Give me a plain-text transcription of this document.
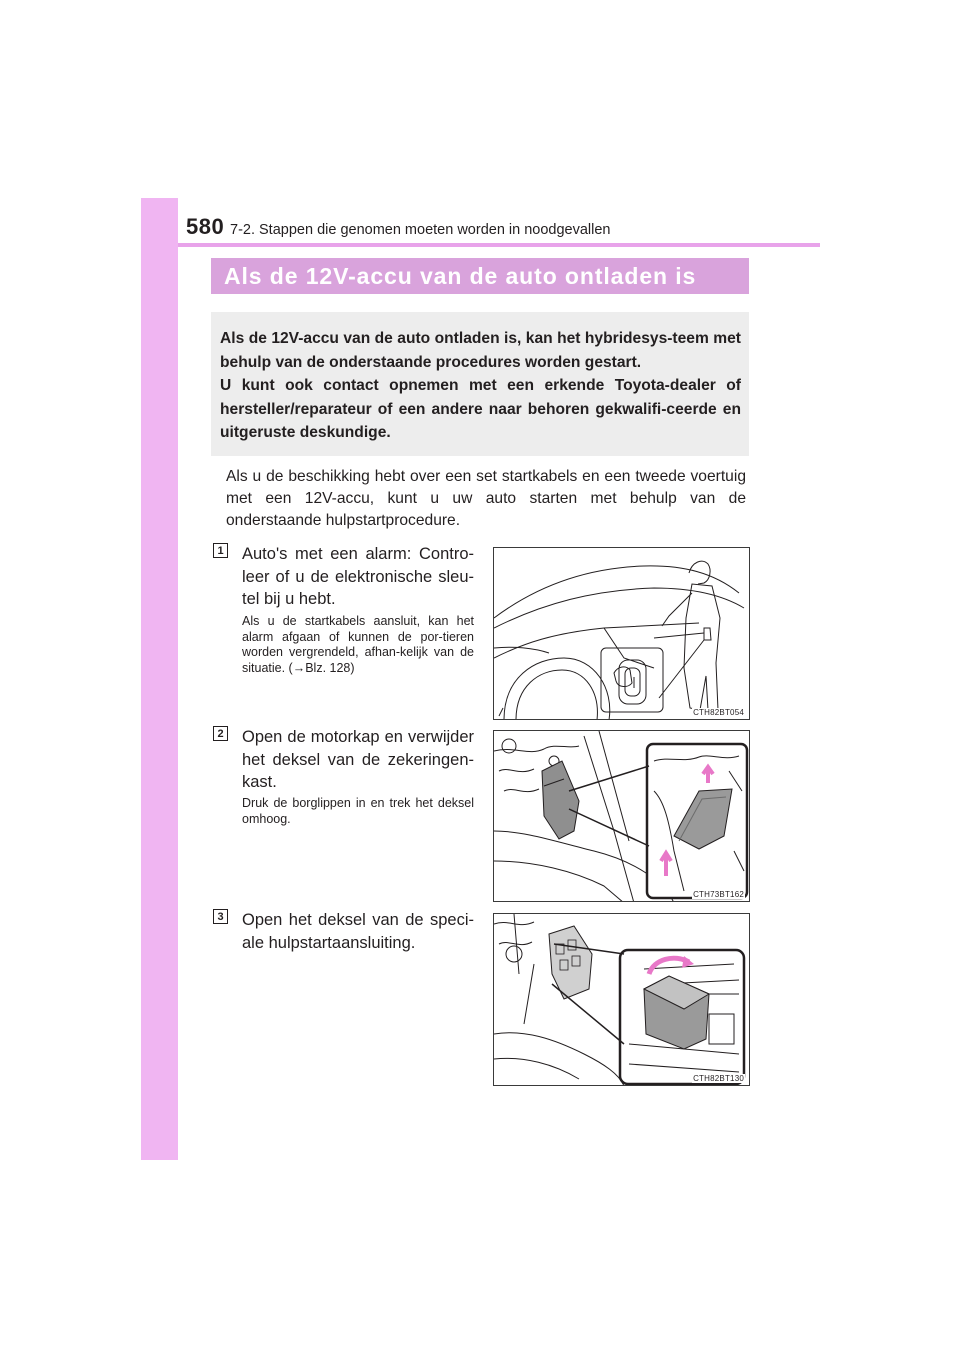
580 7-2. Stappen die genomen moeten worden in noodgevallen
Als de 12V-accu van de auto ontladen is

Als de 12V-accu van de auto ontladen is, kan het hybridesys-teem met behulp van de onderstaande procedures worden gestart.

U kunt ook contact opnemen met een erkende Toyota-dealer of hersteller/reparateur of een andere naar behoren gekwalifi-ceerde en uitgeruste deskundige.

Als u de beschikking hebt over een set startkabels en een tweede voertuig met een 12V-accu, kunt u uw auto starten met behulp van de onderstaande hulpstartprocedure.
1 Auto's met een alarm: Contro-leer of u de elektronische sleu-tel bij u hebt.
Als u de startkabels aansluit, kan het alarm afgaan of kunnen de por-tieren worden vergrendeld, afhan-kelijk van de situatie. (→Blz. 128)
CTH82BT054
2 Open de motorkap en verwijder het deksel van de zekeringen-kast.
Druk de borglippen in en trek het deksel omhoog.
CTH73BT162
3 Open het deksel van de speci-ale hulpstartaansluiting.
CTH82BT130
